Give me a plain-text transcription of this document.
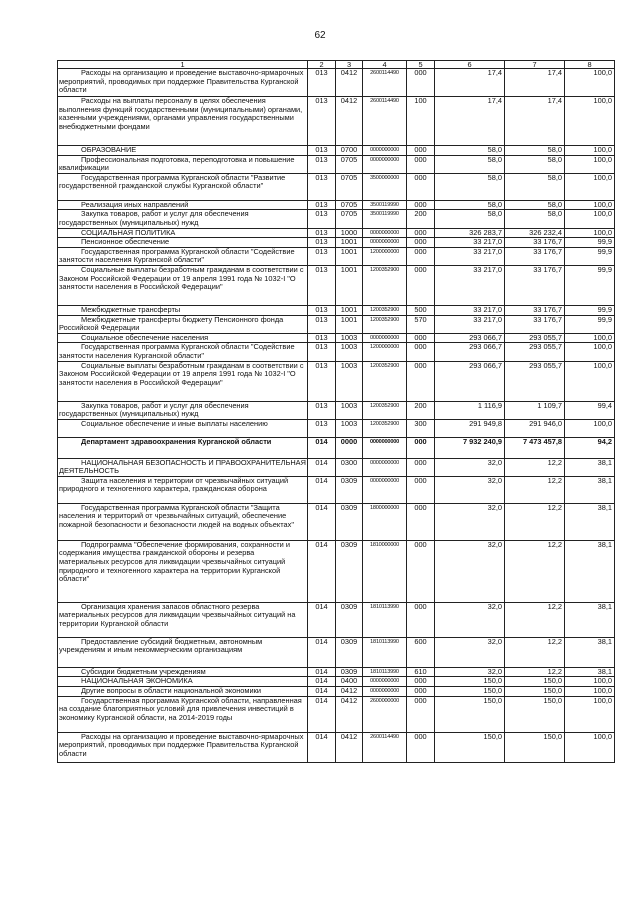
62
1	2	3	4	5	6	7	8
Расходы на организацию и проведение выставочно-ярмарочных мероприятий, проводимых при поддержке Правительства Курганской области	013	0412	2600114490	000	17,4	17,4	100,0
Расходы на выплаты персоналу в целях обеспечения выполнения функций государственными (муниципальными) органами, казенными учреждениями, органами управления государственными внебюджетными фондами	013	0412	2600114490	100	17,4	17,4	100,0
ОБРАЗОВАНИЕ	013	0700	0000000000	000	58,0	58,0	100,0
Профессиональная подготовка, переподготовка и повышение квалификации	013	0705	0000000000	000	58,0	58,0	100,0
Государственная программа Курганской области "Развитие государственной гражданской службы Курганской области"	013	0705	3500000000	000	58,0	58,0	100,0
Реализация иных направлений	013	0705	3500119990	000	58,0	58,0	100,0
Закупка товаров, работ и услуг для обеспечения государственных (муниципальных) нужд	013	0705	3500119990	200	58,0	58,0	100,0
СОЦИАЛЬНАЯ ПОЛИТИКА	013	1000	0000000000	000	326 283,7	326 232,4	100,0
Пенсионное обеспечение	013	1001	0000000000	000	33 217,0	33 176,7	99,9
Государственная программа Курганской области "Содействие занятости населения Курганской области"	013	1001	1200000000	000	33 217,0	33 176,7	99,9
Социальные выплаты безработным гражданам в соответствии с Законом Российской Федерации от 19 апреля 1991 года № 1032-I "О занятости населения в Российской Федерации"	013	1001	1200352900	000	33 217,0	33 176,7	99,9
Межбюджетные трансферты	013	1001	1200352900	500	33 217,0	33 176,7	99,9
Межбюджетные трансферты бюджету Пенсионного фонда Российской Федерации	013	1001	1200352900	570	33 217,0	33 176,7	99,9
Социальное обеспечение населения	013	1003	0000000000	000	293 066,7	293 055,7	100,0
Государственная программа Курганской области "Содействие занятости населения Курганской области"	013	1003	1200000000	000	293 066,7	293 055,7	100,0
Социальные выплаты безработным гражданам в соответствии с Законом Российской Федерации от 19 апреля 1991 года № 1032-I "О занятости населения в Российской Федерации"	013	1003	1200352900	000	293 066,7	293 055,7	100,0
Закупка товаров, работ и услуг для обеспечения государственных (муниципальных) нужд	013	1003	1200352900	200	1 116,9	1 109,7	99,4
Социальное обеспечение и иные выплаты населению	013	1003	1200352900	300	291 949,8	291 946,0	100,0
Департамент здравоохранения Курганской области	014	0000	0000000000	000	7 932 240,9	7 473 457,8	94,2
НАЦИОНАЛЬНАЯ БЕЗОПАСНОСТЬ И ПРАВООХРАНИТЕЛЬНАЯ ДЕЯТЕЛЬНОСТЬ	014	0300	0000000000	000	32,0	12,2	38,1
Защита населения и территории от чрезвычайных ситуаций природного и техногенного характера, гражданская оборона	014	0309	0000000000	000	32,0	12,2	38,1
Государственная программа Курганской области "Защита населения и территорий от чрезвычайных ситуаций, обеспечение пожарной безопасности и безопасности людей на водных объектах"	014	0309	1800000000	000	32,0	12,2	38,1
Подпрограмма "Обеспечение формирования, сохранности и содержания имущества гражданской обороны и резерва материальных ресурсов для ликвидации чрезвычайных ситуаций природного и техногенного характера на территории Курганской области"	014	0309	1810000000	000	32,0	12,2	38,1
Организация хранения запасов областного резерва материальных ресурсов для ликвидации чрезвычайных ситуаций на территории Курганской области	014	0309	1810113990	000	32,0	12,2	38,1
Предоставление субсидий бюджетным, автономным учреждениям и иным некоммерческим организациям	014	0309	1810113990	600	32,0	12,2	38,1
Субсидии бюджетным учреждениям	014	0309	1810113990	610	32,0	12,2	38,1
НАЦИОНАЛЬНАЯ ЭКОНОМИКА	014	0400	0000000000	000	150,0	150,0	100,0
Другие вопросы в области национальной экономики	014	0412	0000000000	000	150,0	150,0	100,0
Государственная программа Курганской области, направленная на создание благоприятных условий для привлечения инвестиций в экономику Курганской области, на 2014-2019 годы	014	0412	2600000000	000	150,0	150,0	100,0
Расходы на организацию и проведение выставочно-ярмарочных мероприятий, проводимых при поддержке Правительства Курганской области	014	0412	2600114490	000	150,0	150,0	100,0
